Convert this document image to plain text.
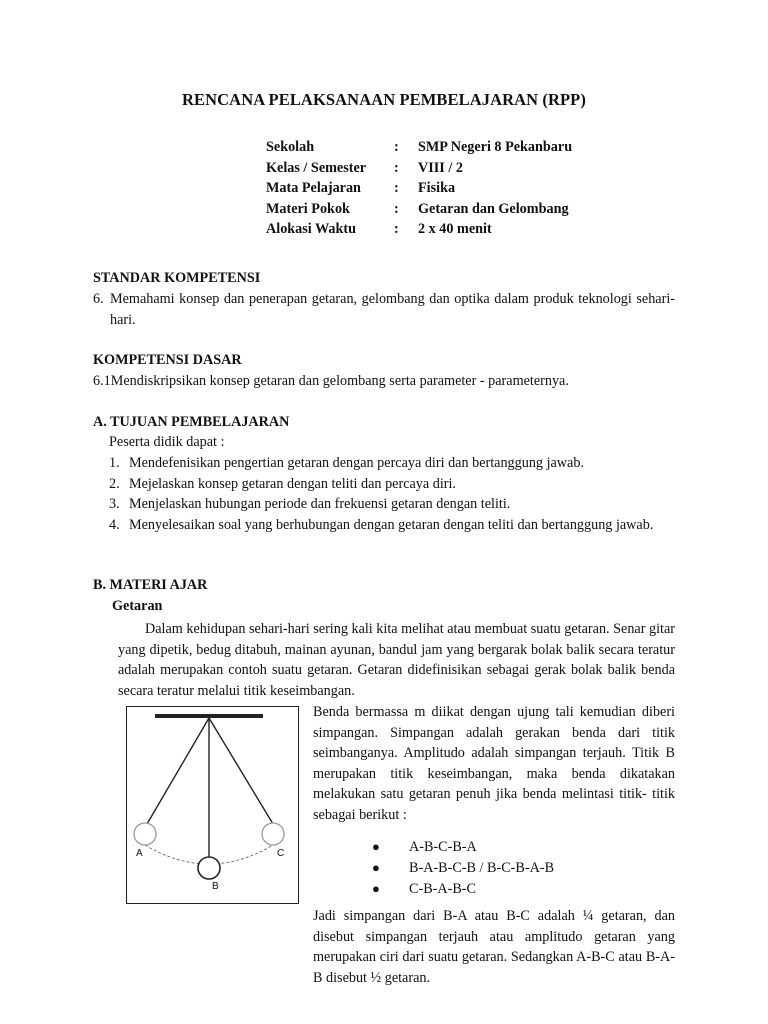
RENCANA PELAKSANAAN PEMBELAJARAN (RPP)
Sekolah	:	SMP Negeri 8 Pekanbaru
Kelas / Semester	:	VIII / 2
Mata Pelajaran	:	Fisika
Materi Pokok	:	Getaran dan Gelombang
Alokasi Waktu	:	2 x 40 menit
STANDAR KOMPETENSI
6. Memahami konsep dan penerapan getaran, gelombang dan optika dalam produk teknologi sehari-hari.
KOMPETENSI DASAR
6.1Mendiskripsikan konsep getaran dan gelombang serta parameter - parameternya.
A. TUJUAN PEMBELAJARAN
Peserta didik dapat :
1. Mendefenisikan pengertian getaran dengan percaya diri dan bertanggung jawab.
2. Mejelaskan konsep getaran dengan teliti dan percaya diri.
3. Menjelaskan hubungan periode dan frekuensi getaran dengan teliti.
4. Menyelesaikan soal yang berhubungan dengan getaran dengan teliti dan bertanggung jawab.
B. MATERI AJAR
Getaran
Dalam kehidupan sehari-hari sering kali kita melihat atau membuat suatu getaran. Senar gitar yang dipetik, bedug ditabuh, mainan ayunan, bandul jam yang bergarak bolak balik secara teratur adalah merupakan contoh suatu getaran. Getaran didefinisikan sebagai gerak bolak balik benda secara teratur melalui titik keseimbangan.
A	C
B
Benda bermassa m diikat dengan ujung tali kemudian diberi simpangan. Simpangan adalah gerakan benda dari titik seimbanganya. Amplitudo adalah simpangan terjauh. Titik B merupakan titik keseimbangan, maka benda dikatakan melakukan satu getaran penuh jika benda melintasi titik- titik sebagai berikut :
●	A-B-C-B-A
●	B-A-B-C-B / B-C-B-A-B
●	C-B-A-B-C
Jadi simpangan dari B-A atau B-C adalah ¼ getaran, dan disebut simpangan terjauh atau amplitudo getaran yang merupakan ciri dari suatu getaran. Sedangkan A-B-C atau B-A-B disebut ½ getaran.
